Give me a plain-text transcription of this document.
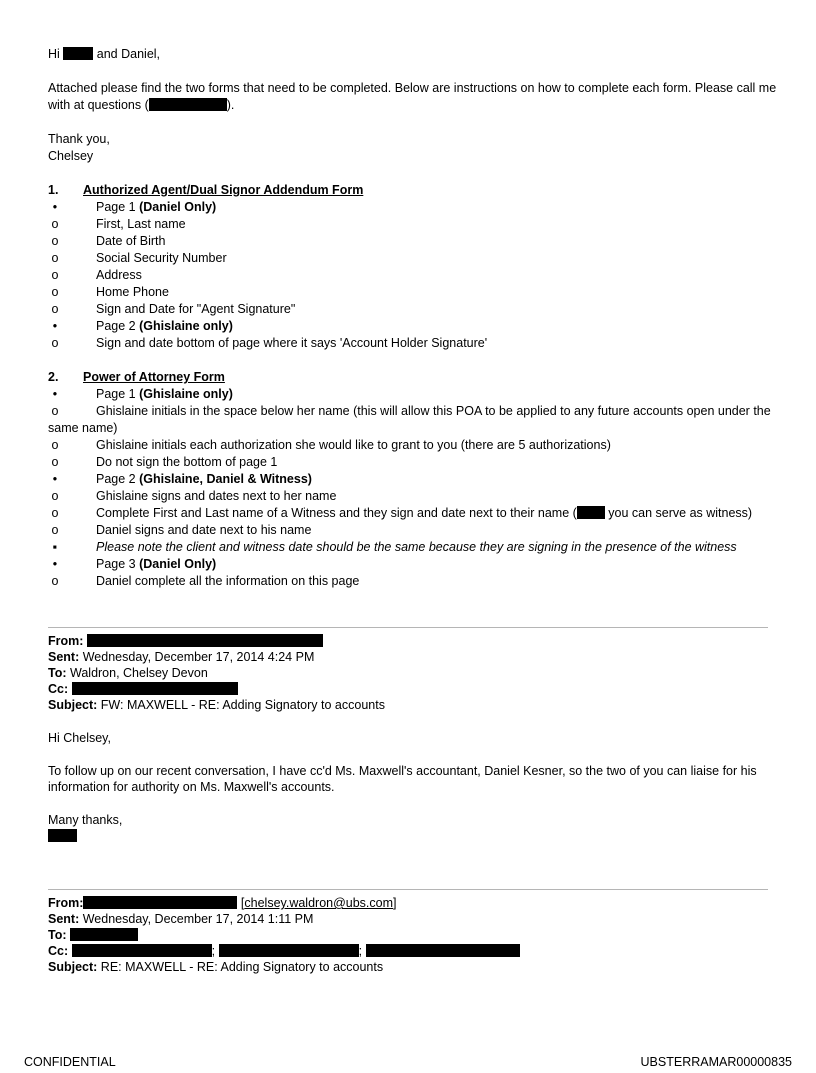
Hi	and Daniel,

Attached please find the two forms that need to be completed. Below are instructions on how to complete each form. Please call me with at questions (	).

Thank you,

Chelsey

1. Authorized Agent/Dual Signor Addendum Form

•	Page 1 (Daniel Only)

o	First, Last name

o	Date of Birth

o	Social Security Number

o	Address

o	Home Phone

o	Sign and Date for "Agent Signature"

•	Page 2 (Ghislaine only)

o	Sign and date bottom of page where it says 'Account Holder Signature'

2. Power of Attorney Form

•	Page 1 (Ghislaine only)

o	Ghislaine initials in the space below her name (this will allow this POA to be applied to any future accounts open under the same name)

o	Ghislaine initials each authorization she would like to grant to you (there are 5 authorizations)

o	Do not sign the bottom of page 1

•	Page 2 (Ghislaine, Daniel & Witness)

o	Ghislaine signs and dates next to her name

o	Complete First and Last name of a Witness and they sign and date next to their name ( you can serve as witness)

o	Daniel signs and date next to his name

▪	Please note the client and witness date should be the same because they are signing in the presence of the witness

•	Page 3 (Daniel Only)

o	Daniel complete all the information on this page

From:

Sent: Wednesday, December 17, 2014 4:24 PM

To: Waldron, Chelsey Devon

Cc:

Subject: FW: MAXWELL - RE: Adding Signatory to accounts

Hi Chelsey,

To follow up on our recent conversation, I have cc'd Ms. Maxwell's accountant, Daniel Kesner, so the two of you can liaise for his information for authority on Ms. Maxwell's accounts.

Many thanks,

From:	[chelsey.waldron@ubs.com]

Sent: Wednesday, December 17, 2014 1:11 PM

To:

Cc:	;	;

Subject: RE: MAXWELL - RE: Adding Signatory to accounts

CONFIDENTIAL	UBSTERRAMAR00000835
